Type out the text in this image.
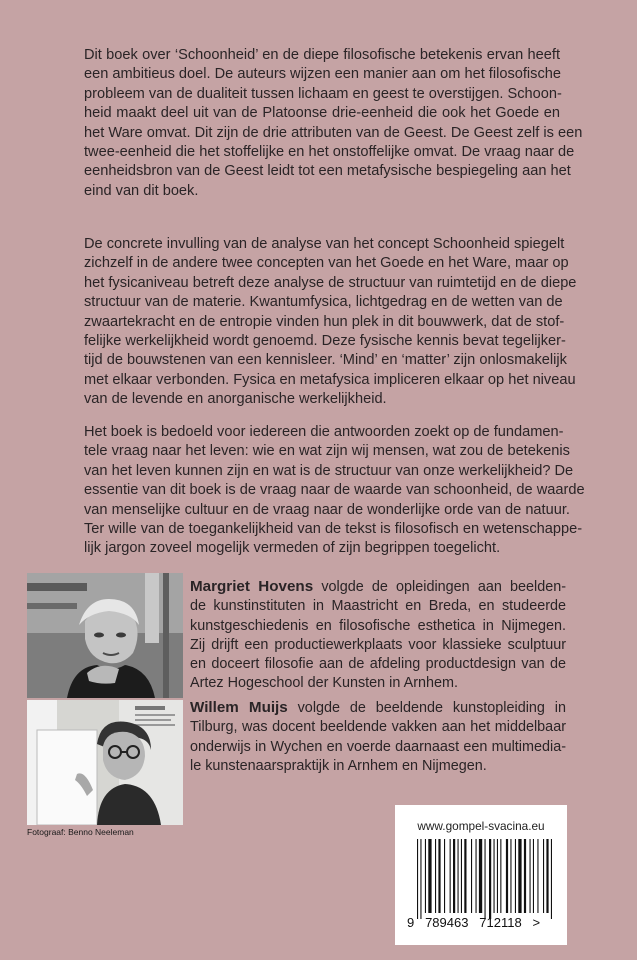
Dit boek over ‘Schoonheid’ en de diepe filosofische betekenis ervan heeft
een ambitieus doel. De auteurs wijzen een manier aan om het filosofische
probleem van de dualiteit tussen lichaam en geest te overstijgen. Schoon-
heid maakt deel uit van de Platoonse drie-eenheid die ook het Goede en
het Ware omvat. Dit zijn de drie attributen van de Geest. De Geest zelf is een
twee-eenheid die het stoffelijke en het onstoffelijke omvat. De vraag naar de
eenheidsbron van de Geest leidt tot een metafysische bespiegeling aan het
eind van dit boek.
De concrete invulling van de analyse van het concept Schoonheid spiegelt
zichzelf in de andere twee concepten van het Goede en het Ware, maar op
het fysicaniveau betreft deze analyse de structuur van ruimtetijd en de diepe
structuur van de materie. Kwantumfysica, lichtgedrag en de wetten van de
zwaartekracht en de entropie vinden hun plek in dit bouwwerk, dat de stof-
felijke werkelijkheid wordt genoemd. Deze fysische kennis bevat tegelijker-
tijd de bouwstenen van een kennisleer. ‘Mind’ en ‘matter’ zijn onlosmakelijk
met elkaar verbonden. Fysica en metafysica impliceren elkaar op het niveau
van de levende en anorganische werkelijkheid.
Het boek is bedoeld voor iedereen die antwoorden zoekt op de fundamen-
tele vraag naar het leven: wie en wat zijn wij mensen, wat zou de betekenis
van het leven kunnen zijn en wat is de structuur van onze werkelijkheid? De
essentie van dit boek is de vraag naar de waarde van schoonheid, de waarde
van menselijke cultuur en de vraag naar de wonderlijke orde van de natuur.
Ter wille van de toegankelijkheid van de tekst is filosofisch en wetenschappe-
lijk jargon zoveel mogelijk vermeden of zijn begrippen toegelicht.
Fotograaf: Benno Neeleman
Margriet Hovens volgde de opleidingen aan beelden-
de kunstinstituten in Maastricht en Breda, en studeerde
kunstgeschiedenis en filosofische esthetica in Nijmegen.
Zij drijft een productiewerkplaats voor klassieke sculptuur
en doceert filosofie aan de afdeling productdesign van de
Artez Hogeschool der Kunsten in Arnhem.
Willem Muijs volgde de beeldende kunstopleiding in
Tilburg, was docent beeldende vakken aan het middelbaar
onderwijs in Wychen en voerde daarnaast een multimedia-
le kunstenaarspraktijk in Arnhem en Nijmegen.
www.gompel-svacina.eu
9   789463   712118   >
